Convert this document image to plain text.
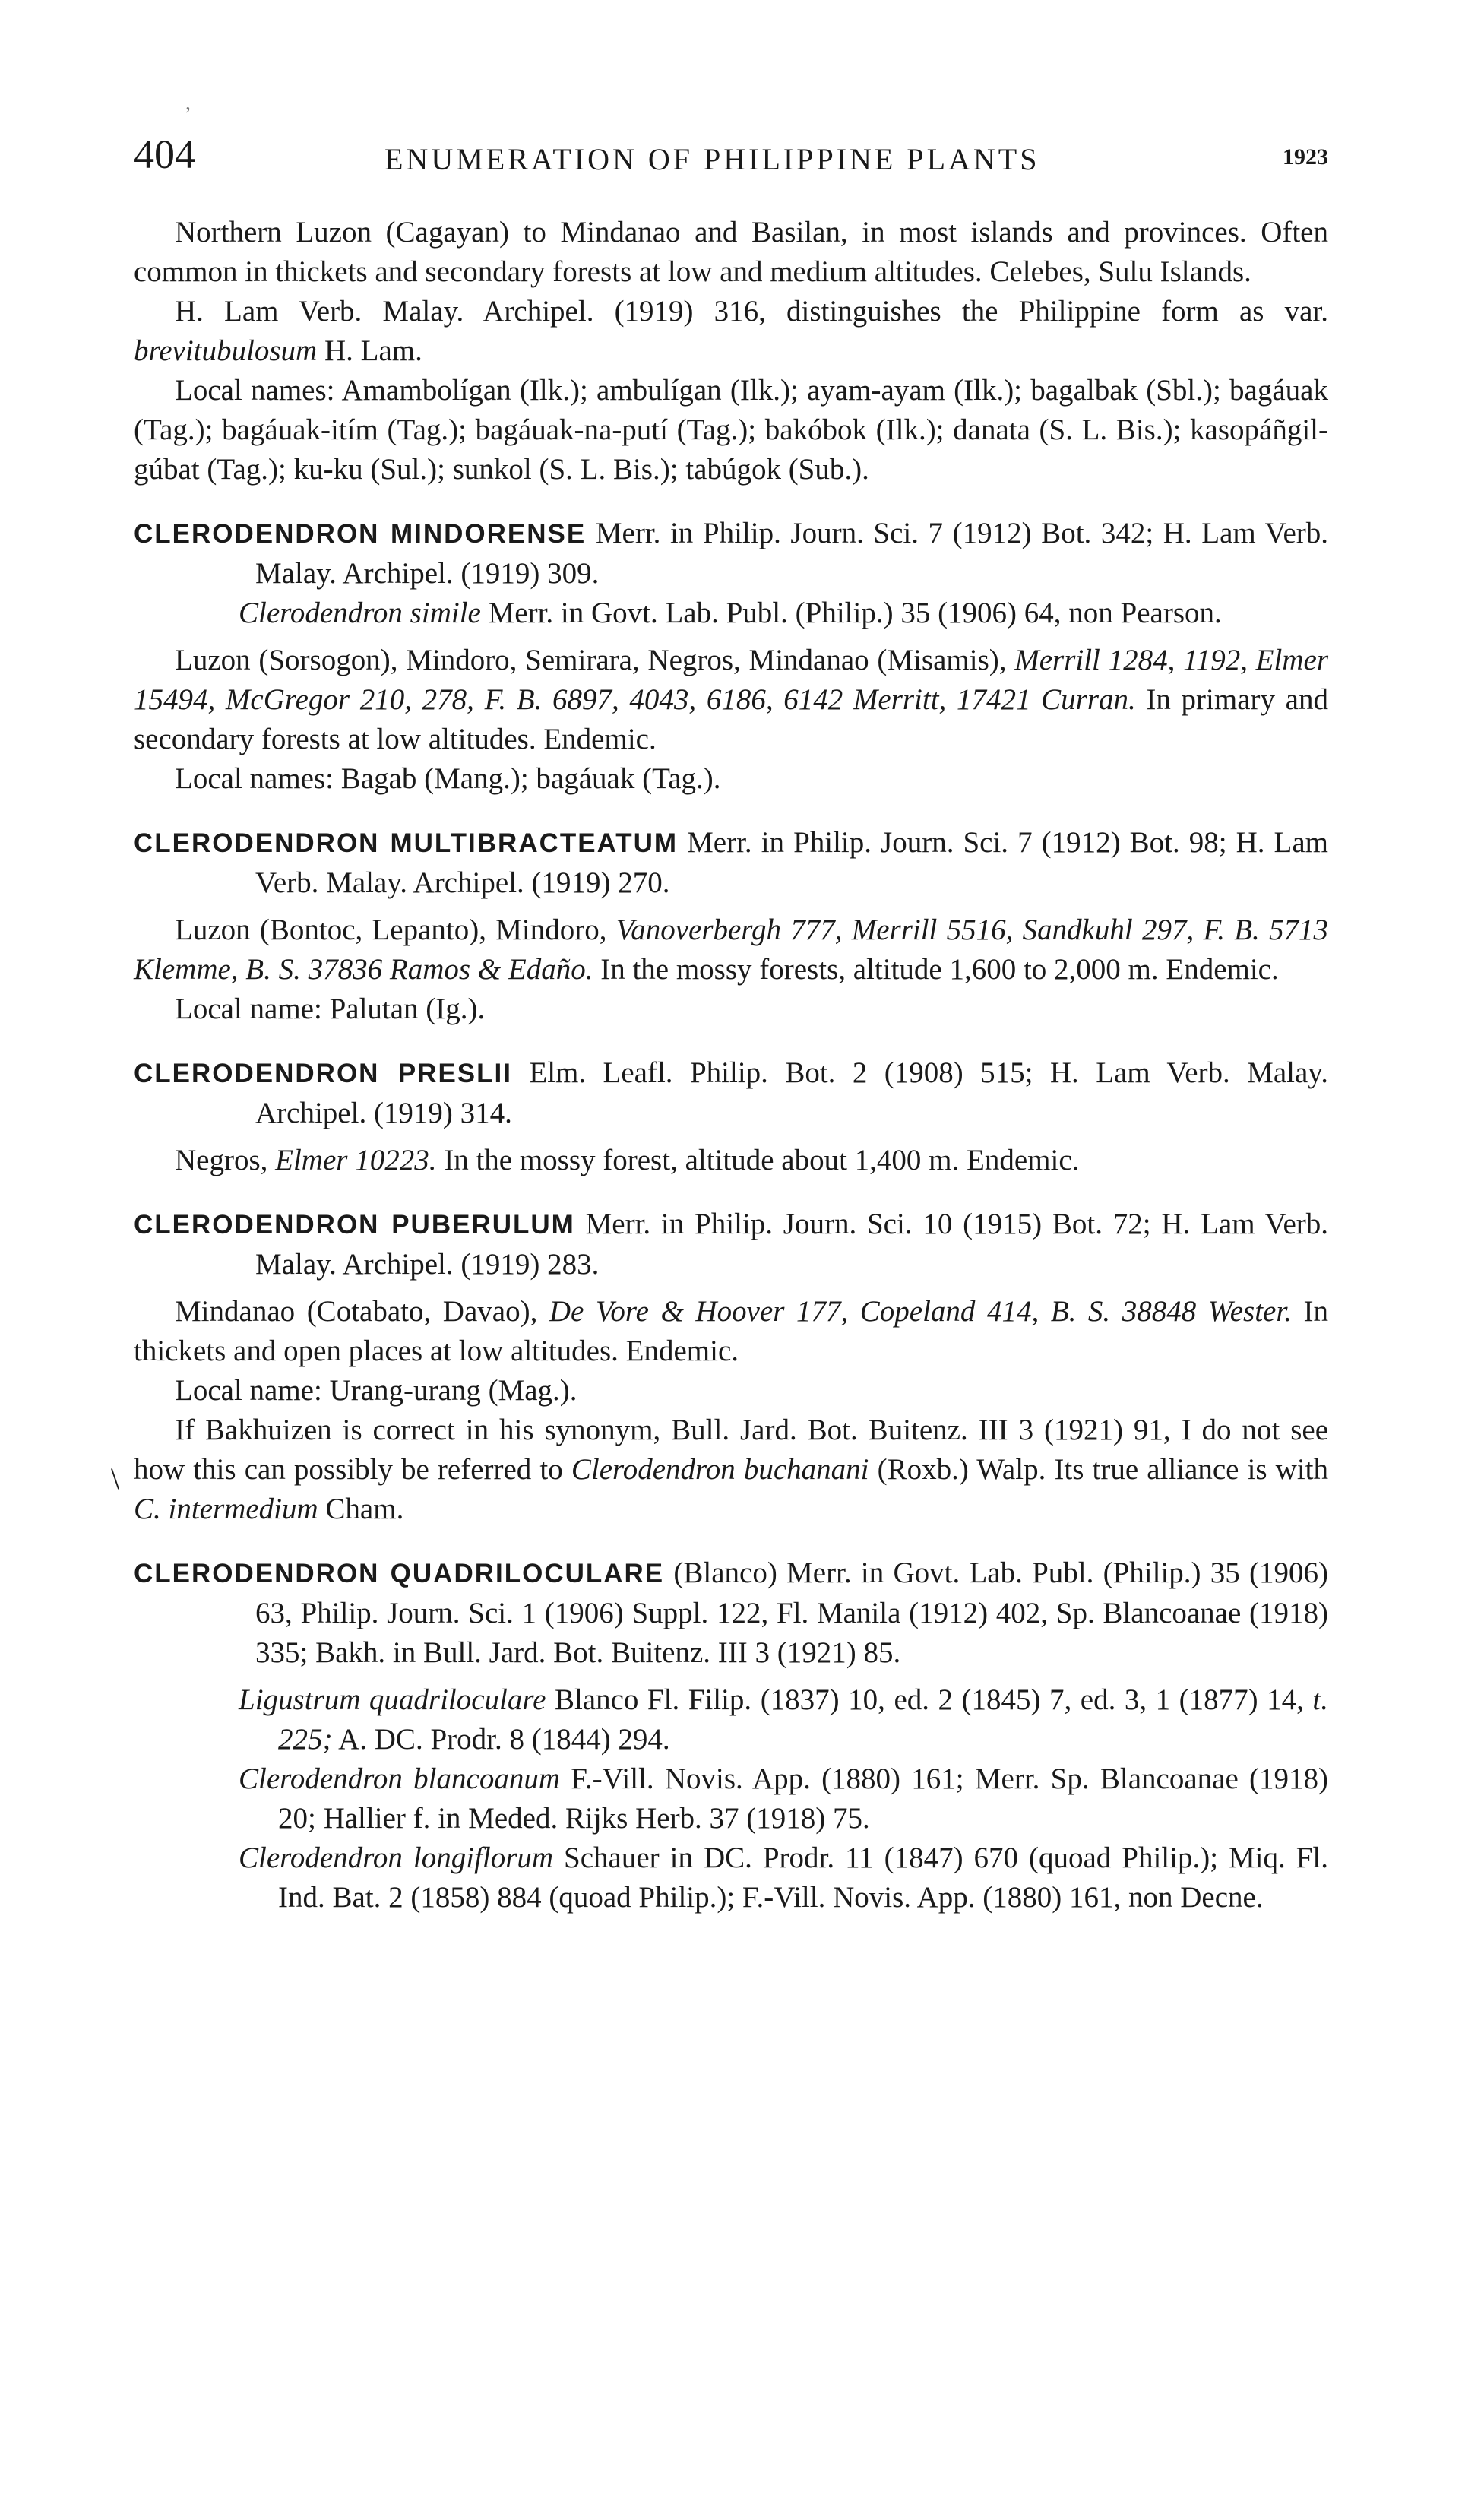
,
404	ENUMERATION OF PHILIPPINE PLANTS	1923
\
Northern Luzon (Cagayan) to Mindanao and Basilan, in most islands and proᴠinces. Often common in thickets and secondary forests at low and medium altitudes. Celebes, Sulu Islands.
H. Lam Verb. Malay. Archipel. (1919) 316, distinguishes the Philippine form as var. brevitubulosum H. Lam.
Local names: Amambolígan (Ilk.); ambulígan (Ilk.); ayam-ayam (Ilk.); bagalbak (Sbl.); bagáuak (Tag.); bagáuak-itím (Tag.); bagáuak-na-putí (Tag.); bakóbok (Ilk.); danata (S. L. Bis.); kasopáñgil-gúbat (Tag.); ku-ku (Sul.); sunkol (S. L. Bis.); tabúgok (Sub.).
CLERODENDRON MINDORENSE Merr. in Philip. Journ. Sci. 7 (1912) Bot. 342; H. Lam Verb. Malay. Archipel. (1919) 309.
Clerodendron simile Merr. in Govt. Lab. Publ. (Philip.) 35 (1906) 64, non Pearson.
Luzon (Sorsogon), Mindoro, Semirara, Negros, Mindanao (Misamis), Merrill 1284, 1192, Elmer 15494, McGregor 210, 278, F. B. 6897, 4043, 6186, 6142 Merritt, 17421 Curran. In primary and secondary forests at low altitudes. Endemic.
Local names: Bagab (Mang.); bagáuak (Tag.).
CLERODENDRON MULTIBRACTEATUM Merr. in Philip. Journ. Sci. 7 (1912) Bot. 98; H. Lam Verb. Malay. Archipel. (1919) 270.
Luzon (Bontoc, Lepanto), Mindoro, Vanoverbergh 777, Merrill 5516, Sandkuhl 297, F. B. 5713 Klemme, B. S. 37836 Ramos & Edaño. In the mossy forests, altitude 1,600 to 2,000 m. Endemic.
Local name: Palutan (Ig.).
CLERODENDRON PRESLII Elm. Leafl. Philip. Bot. 2 (1908) 515; H. Lam Verb. Malay. Archipel. (1919) 314.
Negros, Elmer 10223. In the mossy forest, altitude about 1,400 m. Endemic.
CLERODENDRON PUBERULUM Merr. in Philip. Journ. Sci. 10 (1915) Bot. 72; H. Lam Verb. Malay. Archipel. (1919) 283.
Mindanao (Cotabato, Davao), De Vore & Hoover 177, Copeland 414, B. S. 38848 Wester. In thickets and open places at low altitudes. Endemic.
Local name: Urang-urang (Mag.).
If Bakhuizen is correct in his synonym, Bull. Jard. Bot. Buitenz. III 3 (1921) 91, I do not see how this can possibly be referred to Clerodendron buchanani (Roxb.) Walp. Its true alliance is with C. intermedium Cham.
CLERODENDRON QUADRILOCULARE (Blanco) Merr. in Govt. Lab. Publ. (Philip.) 35 (1906) 63, Philip. Journ. Sci. 1 (1906) Suppl. 122, Fl. Manila (1912) 402, Sp. Blancoanae (1918) 335; Bakh. in Bull. Jard. Bot. Buitenz. III 3 (1921) 85.
Ligustrum quadriloculare Blanco Fl. Filip. (1837) 10, ed. 2 (1845) 7, ed. 3, 1 (1877) 14, t. 225; A. DC. Prodr. 8 (1844) 294.
Clerodendron blancoanum F.-Vill. Novis. App. (1880) 161; Merr. Sp. Blancoanae (1918) 20; Hallier f. in Meded. Rijks Herb. 37 (1918) 75.
Clerodendron longiflorum Schauer in DC. Prodr. 11 (1847) 670 (quoad Philip.); Miq. Fl. Ind. Bat. 2 (1858) 884 (quoad Philip.); F.-Vill. Novis. App. (1880) 161, non Decne.
